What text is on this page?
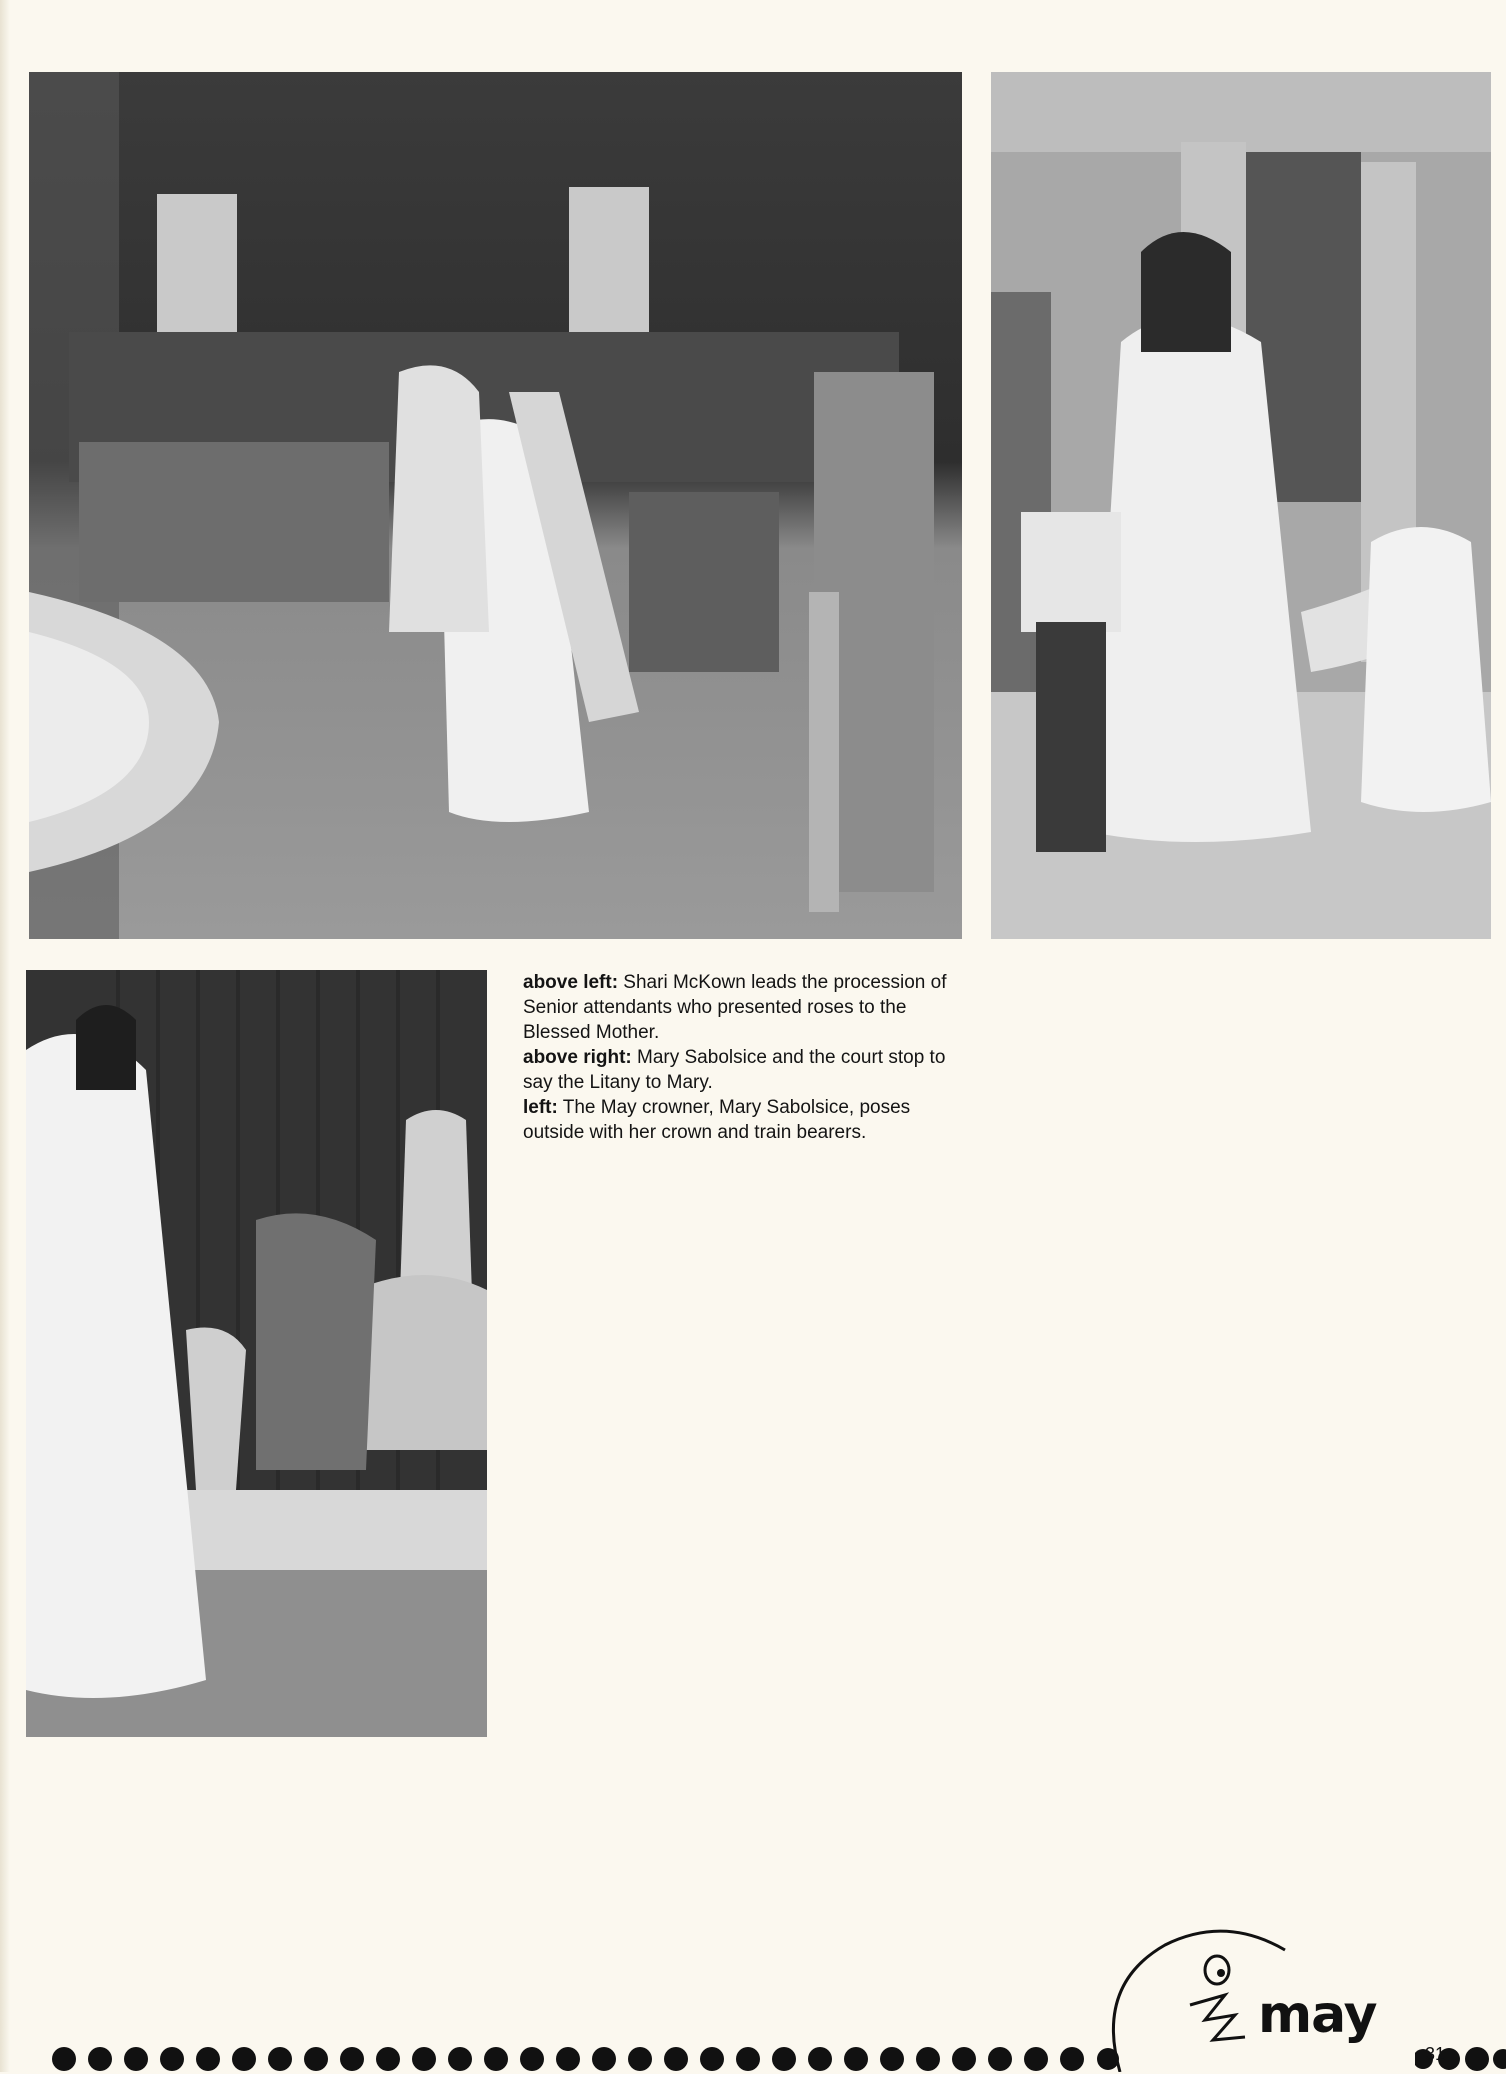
above left: Shari McKown leads the procession of Senior attendants who presented roses to the Blessed Mother.

above right: Mary Sabolsice and the court stop to say the Litany to Mary.

left: The May crowner, Mary Sabolsice, poses outside with her crown and train bearers.

may
31
